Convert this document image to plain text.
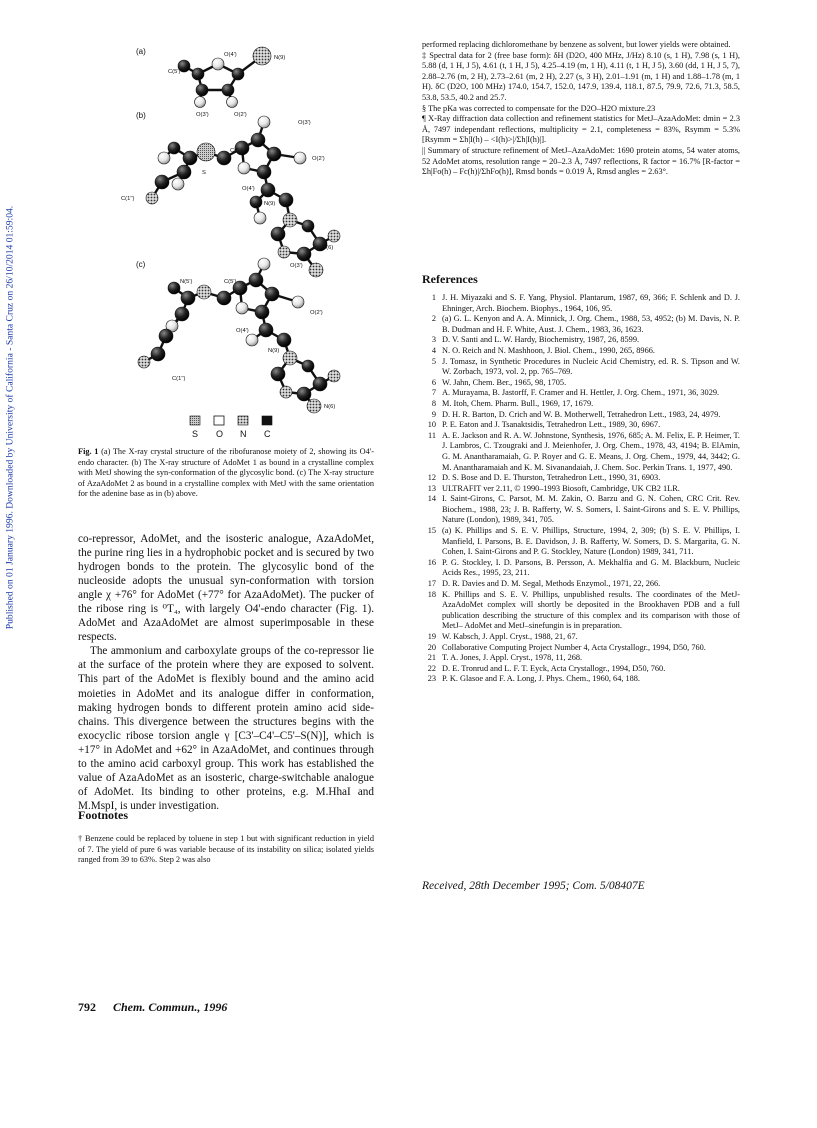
Published on 01 January 1996. Downloaded by University of California - Santa Cruz on 26/10/2014 01:59:04.
(a)
(b)
(c)
O(4')	N(9)
C(5')
O(3')	O(2')
O(3')
C(5')
O(2')
S
O(4')
C(1'')
N(9)
N(6)
O(3')
N(5')	C(5')
O(2')
O(4')
N(9)
C(1'')
N(6)
S O N C
Fig. 1 (a) The X-ray crystal structure of the ribofuranose moiety of 2, showing its O4'-endo character. (b) The X-ray structure of AdoMet 1 as bound in a crystalline complex with MetJ showing the syn-conformation of the glycosylic bond. (c) The X-ray structure of AzaAdoMet 2 as bound in a crystalline complex with MetJ with the same orientation for the adenine base as in (b) above.

co-repressor, AdoMet, and the isosteric analogue, AzaAdoMet, the purine ring lies in a hydrophobic pocket and is secured by two hydrogen bonds to the protein. The glycosylic bond of the nucleoside adopts the unusual syn-conformation with torsion angle χ +76° for AdoMet (+77° for AzaAdoMet). The pucker of the ribose ring is ⁰T₄, with largely O4'-endo character (Fig. 1). AdoMet and AzaAdoMet are almost superimposable in these respects.

The ammonium and carboxylate groups of the co-repressor lie at the surface of the protein where they are exposed to solvent. This part of the AdoMet is flexibly bound and the amino acid moieties in AdoMet and its analogue differ in conformation, making hydrogen bonds to different protein amino acid side-chains. This divergence between the structures begins with the exocyclic ribose torsion angle γ [C3'–C4'–C5'–S(N)], which is +17° in AdoMet and +62° in AzaAdoMet, and continues through to the amino acid carboxyl group. This work has established the value of AzaAdoMet as an isosteric, charge-switchable analogue of AdoMet. Its binding to other proteins, e.g. M.HhaI and M.MspI, is under investigation.

Footnotes
† Benzene could be replaced by toluene in step 1 but with significant reduction in yield of 7. The yield of pure 6 was variable because of its instability on silica; isolated yields ranged from 39 to 63%. Step 2 was also

performed replacing dichloromethane by benzene as solvent, but lower yields were obtained.

‡ Spectral data for 2 (free base form): δH (D2O, 400 MHz, J/Hz) 8.10 (s, 1 H), 7.98 (s, 1 H), 5.88 (d, 1 H, J 5), 4.61 (t, 1 H, J 5), 4.25–4.19 (m, 1 H), 4.11 (t, 1 H, J 5), 3.60 (dd, 1 H, J 5, 7), 2.88–2.76 (m, 2 H), 2.73–2.61 (m, 2 H), 2.27 (s, 3 H), 2.01–1.91 (m, 1 H) and 1.88–1.78 (m, 1 H). δC (D2O, 100 MHz) 174.0, 154.7, 152.0, 147.9, 139.4, 118.1, 87.5, 79.9, 72.6, 71.3, 58.5, 53.8, 53.5, 40.2 and 25.7.

§ The pKa was corrected to compensate for the D2O–H2O mixture.23

¶ X-Ray diffraction data collection and refinement statistics for MetJ–AzaAdoMet: dmin = 2.3 Å, 7497 independant reflections, multiplicity = 2.1, completeness = 83%, Rsymm = 5.3% [Rsymm = Σh|I(h) – <I(h)>|/Σh|I(h)|].

|| Summary of structure refinement of MetJ–AzaAdoMet: 1690 protein atoms, 54 water atoms, 52 AdoMet atoms, resolution range = 20–2.3 Å, 7497 reflections, R factor = 16.7% [R-factor = Σh|Fo(h) – Fc(h)|/ΣhFo(h)], Rmsd bonds = 0.019 Å, Rmsd angles = 2.63°.

References
1 J. H. Miyazaki and S. F. Yang, Physiol. Plantarum, 1987, 69, 366; F. Schlenk and D. J. Ehninger, Arch. Biochem. Biophys., 1964, 106, 95.
2 (a) G. L. Kenyon and A. A. Minnick, J. Org. Chem., 1988, 53, 4952; (b) M. Davis, N. P. B. Dudman and H. F. White, Aust. J. Chem., 1983, 36, 1623.
3 D. V. Santi and L. W. Hardy, Biochemistry, 1987, 26, 8599.
4 N. O. Reich and N. Mashhoon, J. Biol. Chem., 1990, 265, 8966.
5 J. Tomasz, in Synthetic Procedures in Nucleic Acid Chemistry, ed. R. S. Tipson and W. W. Zorbach, 1973, vol. 2, pp. 765–769.
6 W. Jahn, Chem. Ber., 1965, 98, 1705.
7 A. Murayama, B. Jastorff, F. Cramer and H. Hettler, J. Org. Chem., 1971, 36, 3029.
8 M. Itoh, Chem. Pharm. Bull., 1969, 17, 1679.
9 D. H. R. Barton, D. Crich and W. B. Motherwell, Tetrahedron Lett., 1983, 24, 4979.
10 P. E. Eaton and J. Tsanaktsidis, Tetrahedron Lett., 1989, 30, 6967.
11 A. E. Jackson and R. A. W. Johnstone, Synthesis, 1976, 685; A. M. Felix, E. P. Heimer, T. J. Lambros, C. Tzougraki and J. Meienhofer, J. Org. Chem., 1978, 43, 4194; B. ElAmin, G. M. Anantharamaiah, G. P. Royer and G. E. Means, J. Org. Chem., 1979, 44, 3442; G. M. Anantharamaiah and K. M. Sivanandaiah, J. Chem. Soc. Perkin Trans. 1, 1977, 490.
12 D. S. Bose and D. E. Thurston, Tetrahedron Lett., 1990, 31, 6903.
13 ULTRAFIT ver 2.11, © 1990–1993 Biosoft, Cambridge, UK CB2 1LR.
14 I. Saint-Girons, C. Parsot, M. M. Zakin, O. Barzu and G. N. Cohen, CRC Crit. Rev. Biochem., 1988, 23; J. B. Rafferty, W. S. Somers, I. Saint-Girons and S. E. V. Phillips, Nature (London), 1989, 341, 705.
15 (a) K. Phillips and S. E. V. Phillips, Structure, 1994, 2, 309; (b) S. E. V. Phillips, I. Manfield, I. Parsons, B. E. Davidson, J. B. Rafferty, W. Somers, D. S. Margarita, G. N. Cohen, I. Saint-Girons and P. G. Stockley, Nature (London) 1989, 341, 711.
16 P. G. Stockley, I. D. Parsons, B. Persson, A. Mekhalfia and G. M. Blackburn, Nucleic Acids Res., 1995, 23, 211.
17 D. R. Davies and D. M. Segal, Methods Enzymol., 1971, 22, 266.
18 K. Phillips and S. E. V. Phillips, unpublished results. The coordinates of the MetJ-AzaAdoMet complex will shortly be deposited in the Brookhaven PDB and a full publication describing the structure of this complex and its comparison with those of MetJ– AdoMet and MetJ–sinefungin is in preparation.
19 W. Kabsch, J. Appl. Cryst., 1988, 21, 67.
20 Collaborative Computing Project Number 4, Acta Crystallogr., 1994, D50, 760.
21 T. A. Jones, J. Appl. Cryst., 1978, 11, 268.
22 D. E. Tronrud and L. F. T. Eyck, Acta Crystallogr., 1994, D50, 760.
23 P. K. Glasoe and F. A. Long, J. Phys. Chem., 1960, 64, 188.
Received, 28th December 1995; Com. 5/08407E
792 Chem. Commun., 1996
